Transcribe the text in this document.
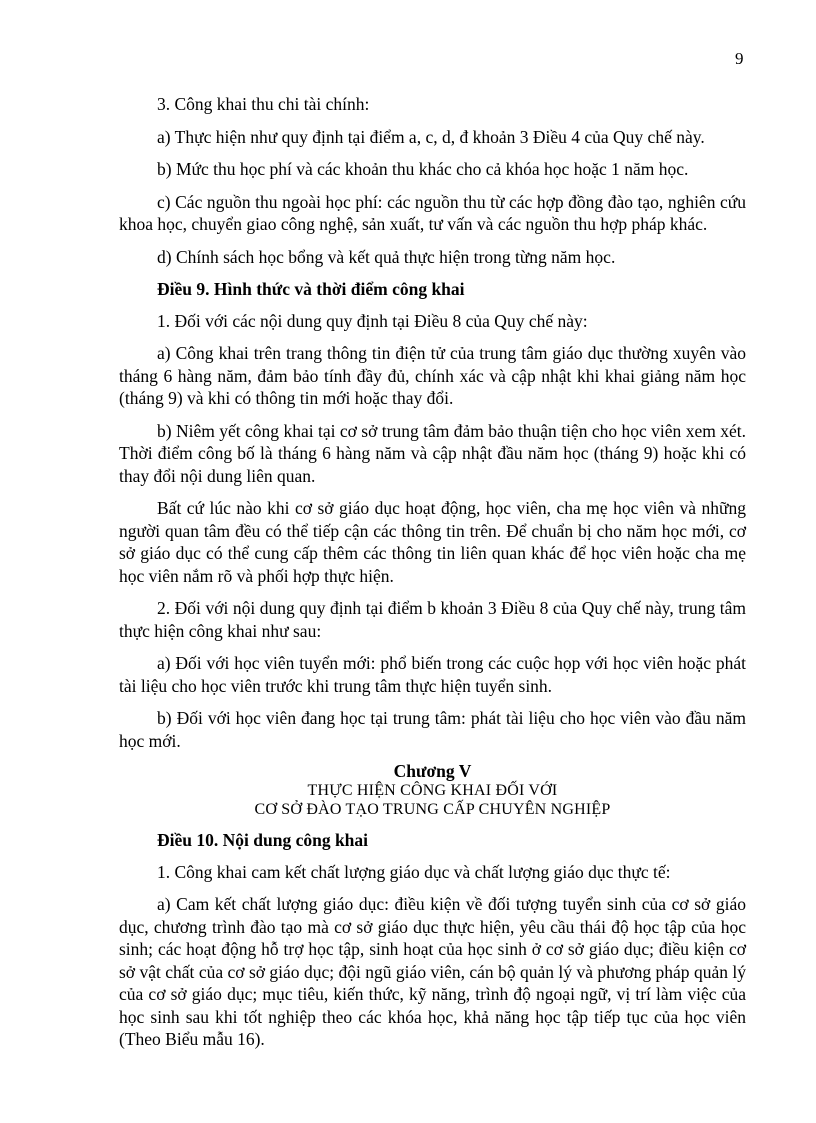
9

3. Công khai thu chi tài chính:

a) Thực hiện như quy định tại điểm a, c, d, đ khoản 3 Điều 4 của Quy chế này.

b) Mức thu học phí và các khoản thu khác cho cả khóa học hoặc 1 năm học.

c) Các nguồn thu ngoài học phí: các nguồn thu từ các hợp đồng đào tạo, nghiên cứu khoa học, chuyển giao công nghệ, sản xuất, tư vấn và các nguồn thu hợp pháp khác.

d) Chính sách học bổng và kết quả thực hiện trong từng năm học.

Điều 9. Hình thức và thời điểm công khai

1. Đối với các nội dung quy định tại Điều 8 của Quy chế này:

a) Công khai trên trang thông tin điện tử của trung tâm giáo dục thường xuyên vào tháng 6 hàng năm, đảm bảo tính đầy đủ, chính xác và cập nhật khi khai giảng năm học (tháng 9) và khi có thông tin mới hoặc thay đổi.

b) Niêm yết công khai tại cơ sở trung tâm đảm bảo thuận tiện cho học viên xem xét. Thời điểm công bố là tháng 6 hàng năm và cập nhật đầu năm học (tháng 9) hoặc khi có thay đổi nội dung liên quan.

Bất cứ lúc nào khi cơ sở giáo dục hoạt động, học viên, cha mẹ học viên và những người quan tâm đều có thể tiếp cận các thông tin trên. Để chuẩn bị cho năm học mới, cơ sở giáo dục có thể cung cấp thêm các thông tin liên quan khác để học viên hoặc cha mẹ học viên nắm rõ và phối hợp thực hiện.

2. Đối với nội dung quy định tại điểm b khoản 3 Điều 8 của Quy chế này, trung tâm thực hiện công khai như sau:

a) Đối với học viên tuyển mới: phổ biến trong các cuộc họp với học viên hoặc phát tài liệu cho học viên trước khi trung tâm thực hiện tuyển sinh.

b) Đối với học viên đang học tại trung tâm: phát tài liệu cho học viên vào đầu năm học mới.

Chương V
THỰC HIỆN CÔNG KHAI ĐỐI VỚI
CƠ SỞ ĐÀO TẠO TRUNG CẤP CHUYÊN NGHIỆP

Điều 10. Nội dung công khai

1. Công khai cam kết chất lượng giáo dục và chất lượng giáo dục thực tế:

a) Cam kết chất lượng giáo dục: điều kiện về đối tượng tuyển sinh của cơ sở giáo dục, chương trình đào tạo mà cơ sở giáo dục thực hiện, yêu cầu thái độ học tập của học sinh; các hoạt động hỗ trợ học tập, sinh hoạt của học sinh ở cơ sở giáo dục; điều kiện cơ sở vật chất của cơ sở giáo dục; đội ngũ giáo viên, cán bộ quản lý và phương pháp quản lý của cơ sở giáo dục; mục tiêu, kiến thức, kỹ năng, trình độ ngoại ngữ, vị trí làm việc của học sinh sau khi tốt nghiệp theo các khóa học, khả năng học tập tiếp tục của học viên (Theo Biểu mẫu 16).
